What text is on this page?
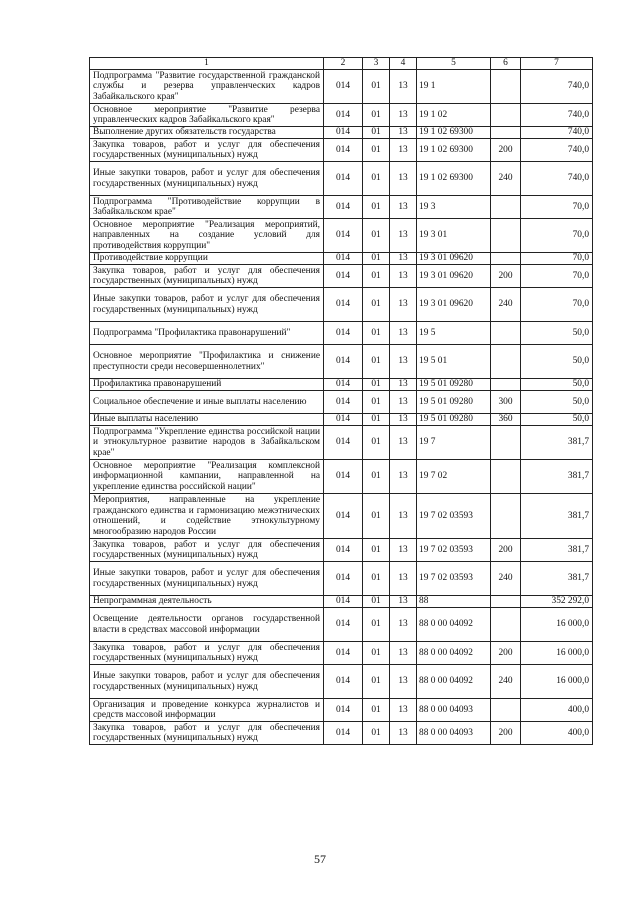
1	2	3	4	5	6	7
Подпрограмма "Развитие государственной гражданской службы и резерва управленческих кадров Забайкальского края"	014	01	13	19 1		740,0
Основное мероприятие "Развитие резерва управленческих кадров Забайкальского края"	014	01	13	19 1 02		740,0
Выполнение других обязательств государства	014	01	13	19 1 02 69300		740,0
Закупка товаров, работ и услуг для обеспечения государственных (муниципальных) нужд	014	01	13	19 1 02 69300	200	740,0
Иные закупки товаров, работ и услуг для обеспечения государственных (муниципальных) нужд	014	01	13	19 1 02 69300	240	740,0
Подпрограмма "Противодействие коррупции в Забайкальском крае"	014	01	13	19 3		70,0
Основное мероприятие "Реализация мероприятий, направленных на создание условий для противодействия коррупции"	014	01	13	19 3 01		70,0
Противодействие коррупции	014	01	13	19 3 01 09620		70,0
Закупка товаров, работ и услуг для обеспечения государственных (муниципальных) нужд	014	01	13	19 3 01 09620	200	70,0
Иные закупки товаров, работ и услуг для обеспечения государственных (муниципальных) нужд	014	01	13	19 3 01 09620	240	70,0
Подпрограмма "Профилактика правонарушений"	014	01	13	19 5		50,0
Основное мероприятие "Профилактика и снижение преступности среди несовершеннолетних"	014	01	13	19 5 01		50,0
Профилактика правонарушений	014	01	13	19 5 01 09280		50,0
Социальное обеспечение и иные выплаты населению	014	01	13	19 5 01 09280	300	50,0
Иные выплаты населению	014	01	13	19 5 01 09280	360	50,0
Подпрограмма "Укрепление единства российской нации и этнокультурное развитие народов в Забайкальском крае"	014	01	13	19 7		381,7
Основное мероприятие "Реализация комплексной информационной кампании, направленной на укрепление единства российской нации"	014	01	13	19 7 02		381,7
Мероприятия, направленные на укрепление гражданского единства и гармонизацию межэтнических отношений, и содействие этнокультурному многообразию народов России	014	01	13	19 7 02 03593		381,7
Закупка товаров, работ и услуг для обеспечения государственных (муниципальных) нужд	014	01	13	19 7 02 03593	200	381,7
Иные закупки товаров, работ и услуг для обеспечения государственных (муниципальных) нужд	014	01	13	19 7 02 03593	240	381,7
Непрограммная деятельность	014	01	13	88		352 292,0
Освещение деятельности органов государственной власти в средствах массовой информации	014	01	13	88 0 00 04092		16 000,0
Закупка товаров, работ и услуг для обеспечения государственных (муниципальных) нужд	014	01	13	88 0 00 04092	200	16 000,0
Иные закупки товаров, работ и услуг для обеспечения государственных (муниципальных) нужд	014	01	13	88 0 00 04092	240	16 000,0
Организация и проведение конкурса журналистов и средств массовой информации	014	01	13	88 0 00 04093		400,0
Закупка товаров, работ и услуг для обеспечения государственных (муниципальных) нужд	014	01	13	88 0 00 04093	200	400,0
57
